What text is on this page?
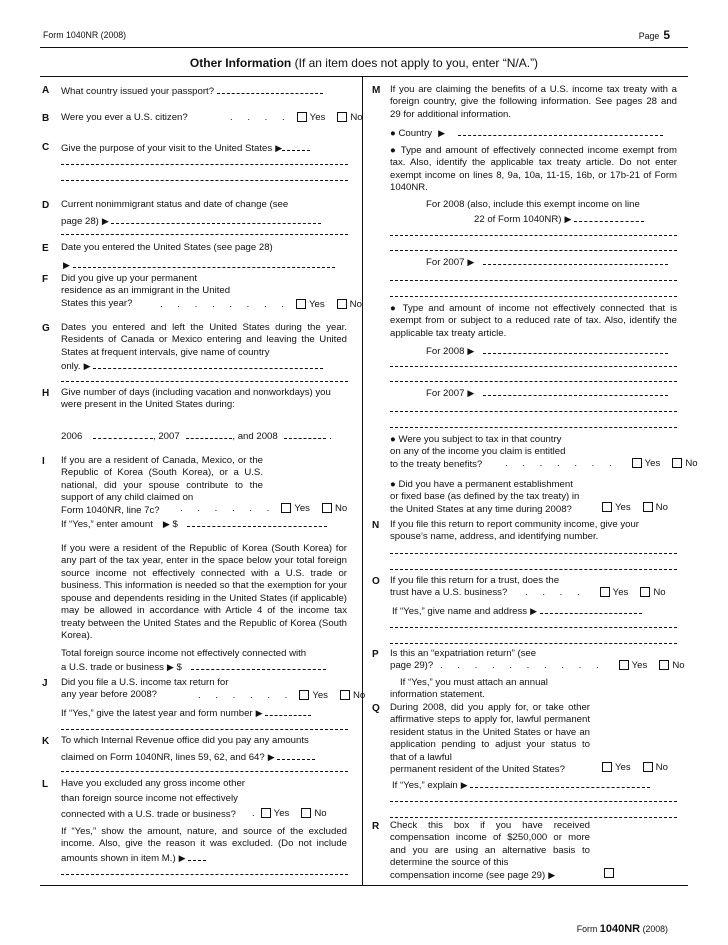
Form 1040NR (2008)	Page 5
Other Information (If an item does not apply to you, enter “N/A.”)
A What country issued your passport?
B Were you ever a U.S. citizen?	. . . . Yes	No
C Give the purpose of your visit to the United States ▶
D Current nonimmigrant status and date of change (see
page 28) ▶
E Date you entered the United States (see page 28)
▶
F Did you give up your permanent
residence as an immigrant in the United
States this year?	. . . . . . . . Yes	No
G Dates you entered and left the United States during the year. Residents of Canada or Mexico entering and leaving the United States at frequent intervals, give name of country
only. ▶
H Give number of days (including vacation and nonworkdays) you were present in the United States during:
2006	, 2007	, and 2008	.
I If you are a resident of Canada, Mexico, or the Republic of Korea (South Korea), or a U.S. national, did your spouse contribute to the support of any child claimed on
Form 1040NR, line 7c?	. . . . . . Yes	No
If “Yes,” enter amount ▶ $
If you were a resident of the Republic of Korea (South Korea) for any part of the tax year, enter in the space below your total foreign source income not effectively connected with a U.S. trade or business. This information is needed so that the exemption for your spouse and dependents residing in the United States (if applicable) may be allowed in accordance with Article 4 of the income tax treaty between the United States and the Republic of Korea (South Korea).
Total foreign source income not effectively connected with
a U.S. trade or business ▶ $
J Did you file a U.S. income tax return for
any year before 2008?	. . . . . . Yes	No
If “Yes,” give the latest year and form number ▶
K To which Internal Revenue office did you pay any amounts
claimed on Form 1040NR, lines 59, 62, and 64? ▶
L Have you excluded any gross income other
than foreign source income not effectively
connected with a U.S. trade or business?	. Yes	No
If “Yes,” show the amount, nature, and source of the excluded income. Also, give the reason it was excluded. (Do not include amounts shown in item M.) ▶
M If you are claiming the benefits of a U.S. income tax treaty with a foreign country, give the following information. See pages 28 and 29 for additional information.
● Country ▶
● Type and amount of effectively connected income exempt from tax. Also, identify the applicable tax treaty article. Do not enter exempt income on lines 8, 9a, 10a, 11-15, 16b, or 17b-21 of Form 1040NR.
For 2008 (also, include this exempt income on line
22 of Form 1040NR) ▶
For 2007 ▶
● Type and amount of income not effectively connected that is exempt from or subject to a reduced rate of tax. Also, identify the applicable tax treaty article.
For 2008 ▶
For 2007 ▶
● Were you subject to tax in that country
on any of the income you claim is entitled
to the treaty benefits?	. . . . . . .	Yes	No
● Did you have a permanent establishment
or fixed base (as defined by the tax treaty) in
the United States at any time during 2008?	Yes	No
N If you file this return to report community income, give your
spouse’s name, address, and identifying number.
O If you file this return for a trust, does the
trust have a U.S. business?	. . . .	Yes	No
If “Yes,” give name and address ▶
P Is this an “expatriation return” (see
page 29)? . . . . . . . . . .	Yes	No
If “Yes,” you must attach an annual
information statement.
Q During 2008, did you apply for, or take other affirmative steps to apply for, lawful permanent resident status in the United States or have an application pending to adjust your status to that of a lawful
permanent resident of the United States?	Yes	No
If “Yes,” explain ▶
R Check this box if you have received compensation income of $250,000 or more and you are using an alternative basis to determine the source of this
compensation income (see page 29) ▶
Form 1040NR (2008)
